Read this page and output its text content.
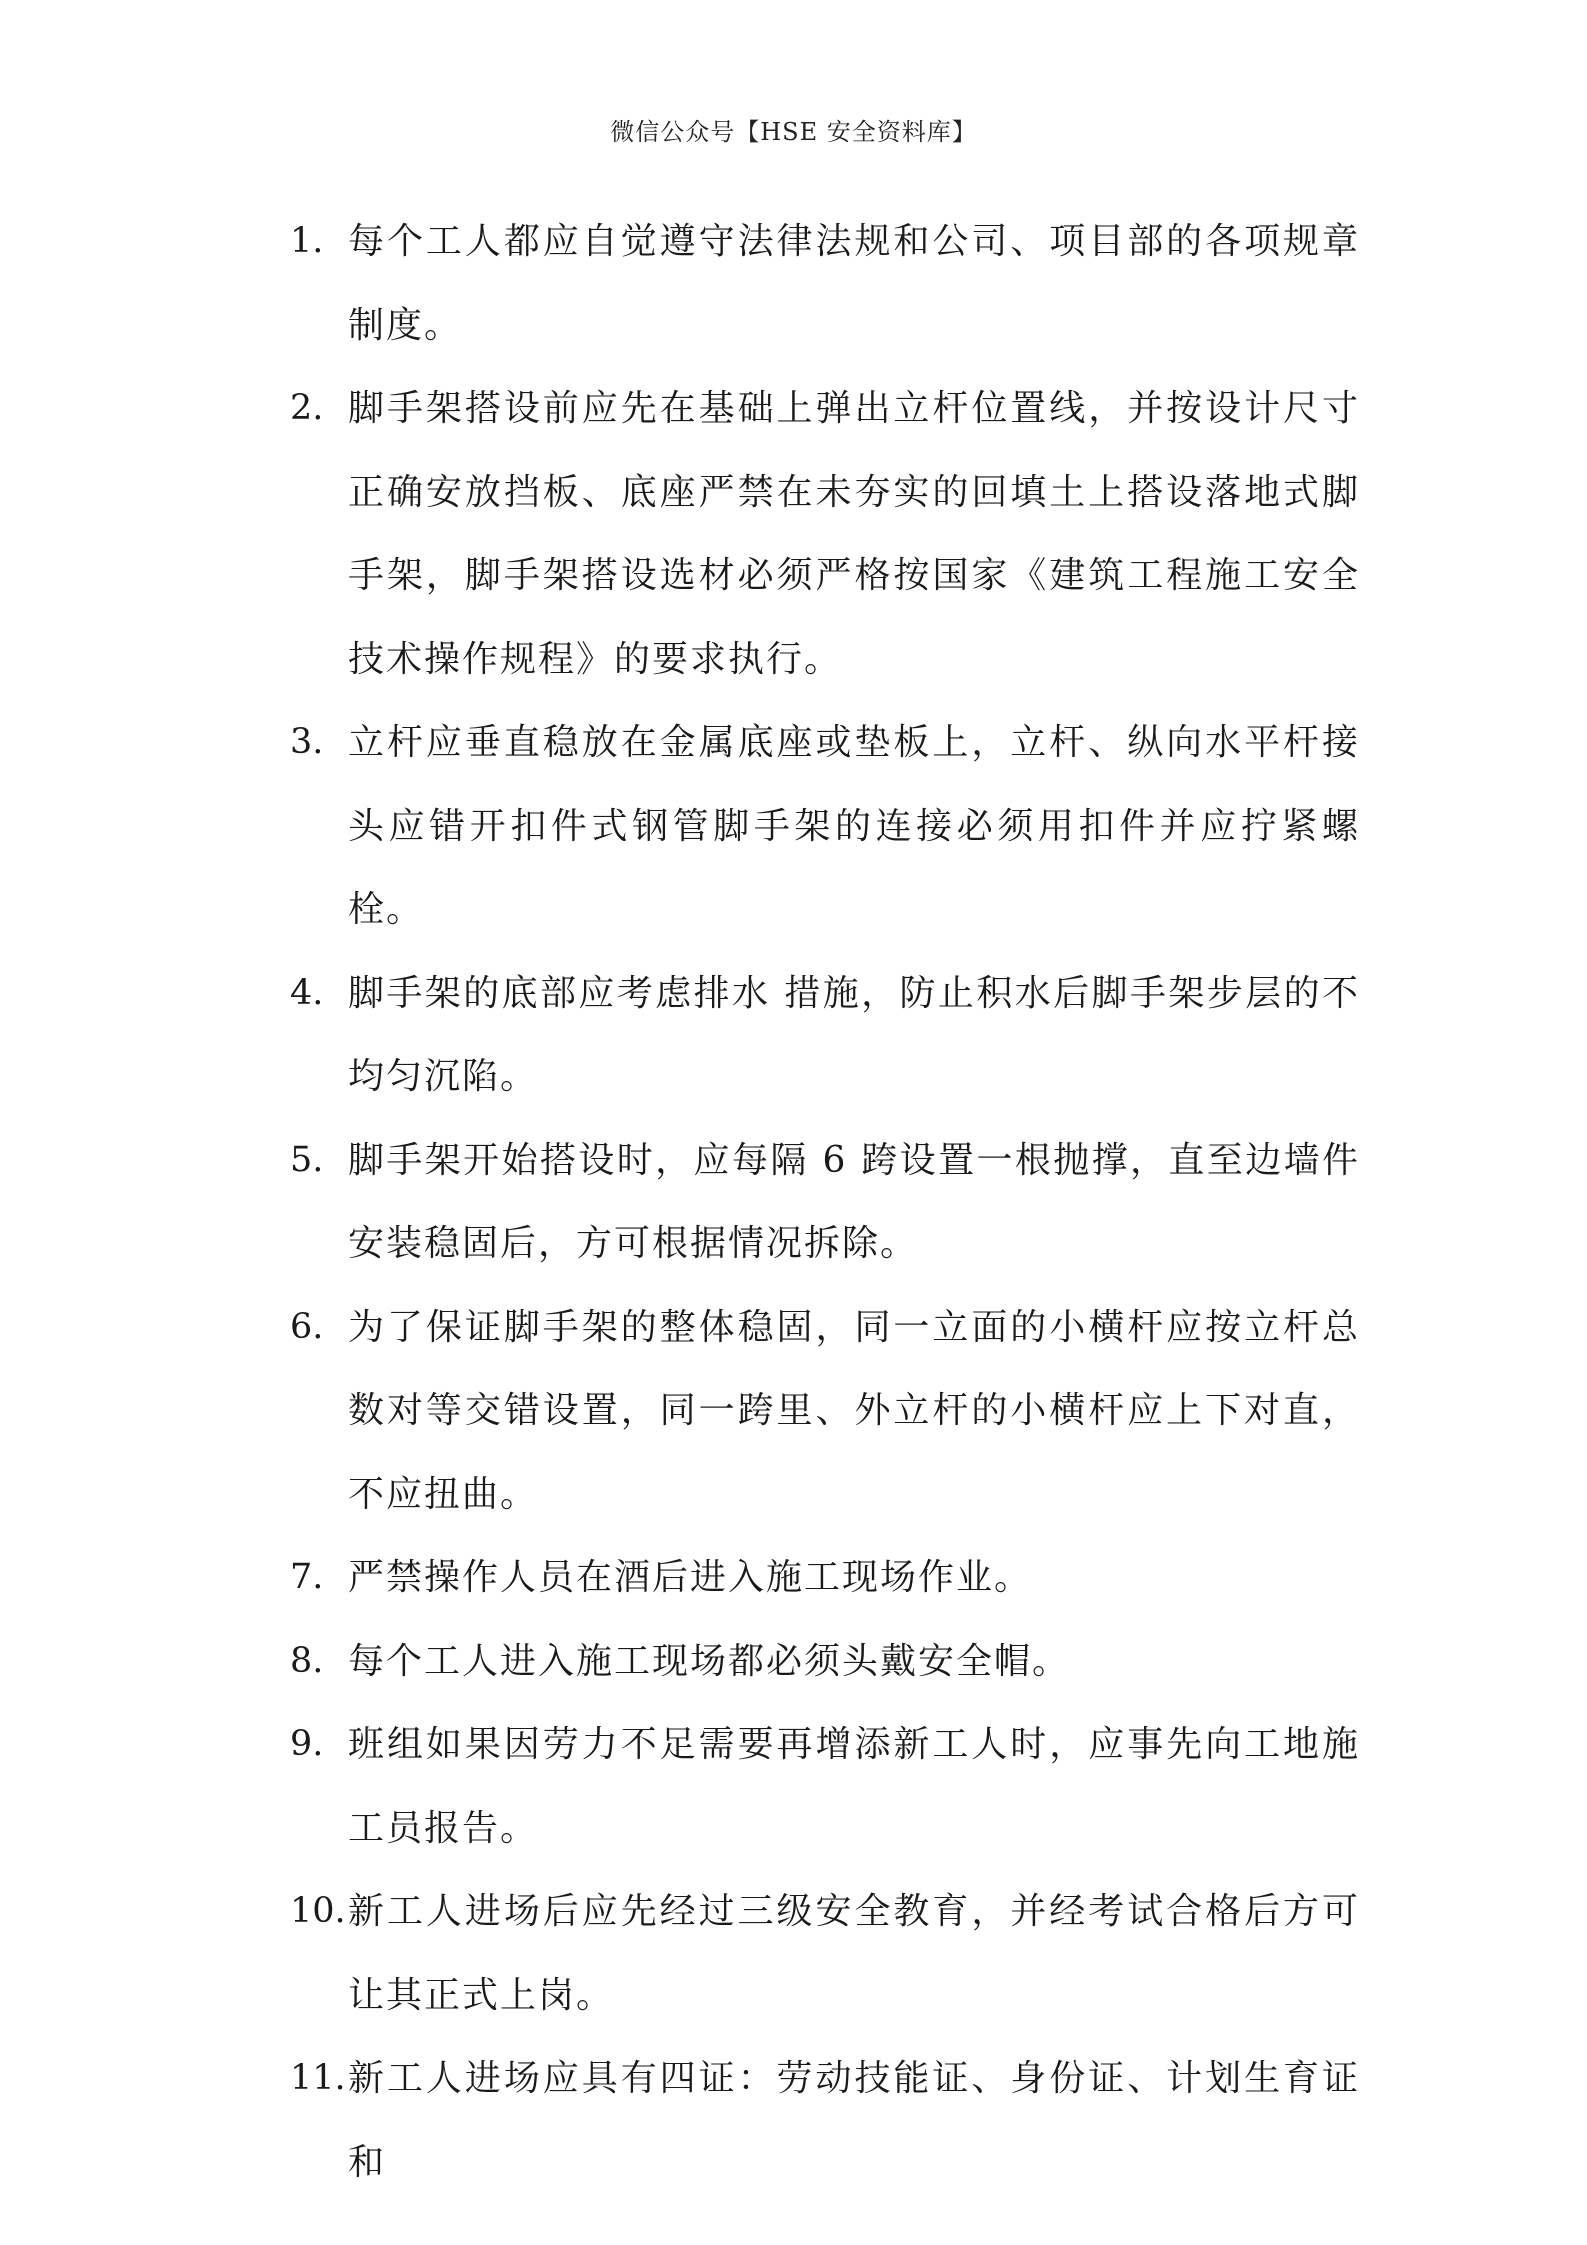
微信公众号【HSE 安全资料库】
1. 每个工人都应自觉遵守法律法规和公司、项目部的各项规章制度。
2. 脚手架搭设前应先在基础上弹出立杆位置线，并按设计尺寸正确安放挡板、底座严禁在未夯实的回填土上搭设落地式脚手架，脚手架搭设选材必须严格按国家《建筑工程施工安全技术操作规程》的要求执行。
3. 立杆应垂直稳放在金属底座或垫板上，立杆、纵向水平杆接头应错开扣件式钢管脚手架的连接必须用扣件并应拧紧螺栓。
4. 脚手架的底部应考虑排水 措施，防止积水后脚手架步层的不均匀沉陷。
5. 脚手架开始搭设时，应每隔 6 跨设置一根抛撑，直至边墙件安装稳固后，方可根据情况拆除。
6. 为了保证脚手架的整体稳固，同一立面的小横杆应按立杆总数对等交错设置，同一跨里、外立杆的小横杆应上下对直，不应扭曲。
7. 严禁操作人员在酒后进入施工现场作业。
8. 每个工人进入施工现场都必须头戴安全帽。
9. 班组如果因劳力不足需要再增添新工人时，应事先向工地施工员报告。
10. 新工人进场后应先经过三级安全教育，并经考试合格后方可让其正式上岗。
11. 新工人进场应具有四证：劳动技能证、身份证、计划生育证和
